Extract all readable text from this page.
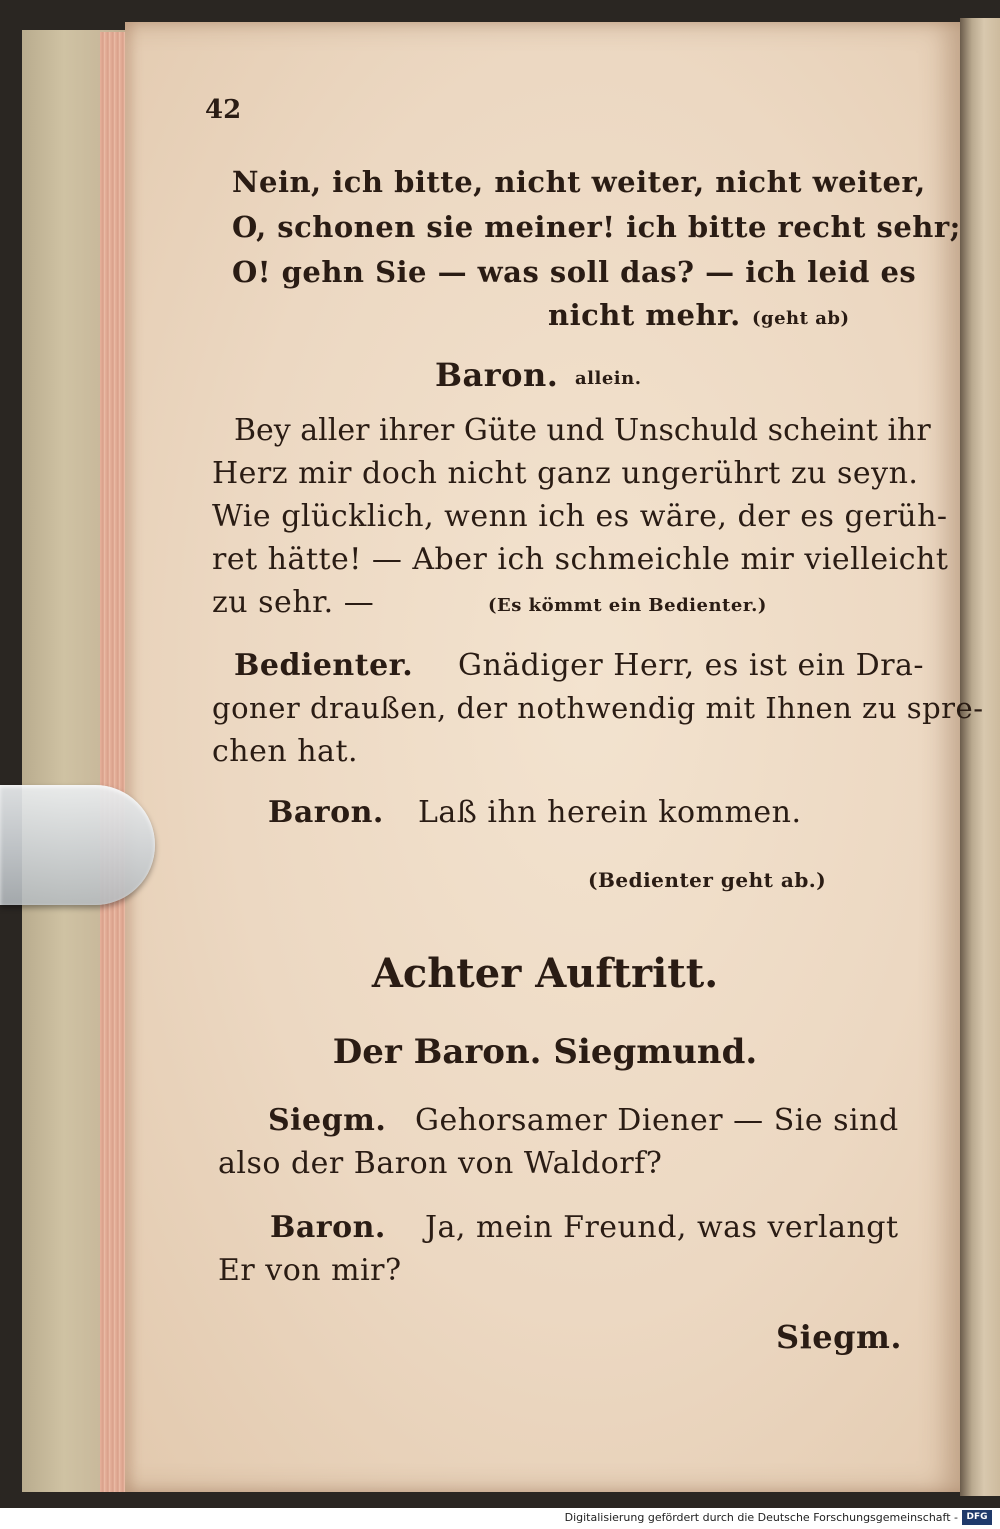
42
Nein, ich bitte, nicht weiter, nicht weiter,
O, schonen sie meiner! ich bitte recht sehr;
O! gehn Sie — was soll das? — ich leid es
nicht mehr. (geht ab)
Baron. allein.
Bey aller ihrer Güte und Unschuld scheint ihr
Herz mir doch nicht ganz ungerührt zu seyn.
Wie glücklich, wenn ich es wäre, der es gerüh-
ret hätte! — Aber ich schmeichle mir vielleicht
zu sehr. —	(Es kömmt ein Bedienter.)
Bedienter. Gnädiger Herr, es ist ein Dra-
goner draußen, der nothwendig mit Ihnen zu spre-
chen hat.
Baron. Laß ihn herein kommen.
(Bedienter geht ab.)
Achter Auftritt.
Der Baron. Siegmund.
Siegm. Gehorsamer Diener — Sie sind
also der Baron von Waldorf?
Baron. Ja, mein Freund, was verlangt
Er von mir?
Siegm.
Digitalisierung gefördert durch die Deutsche Forschungsgemeinschaft - DFG
